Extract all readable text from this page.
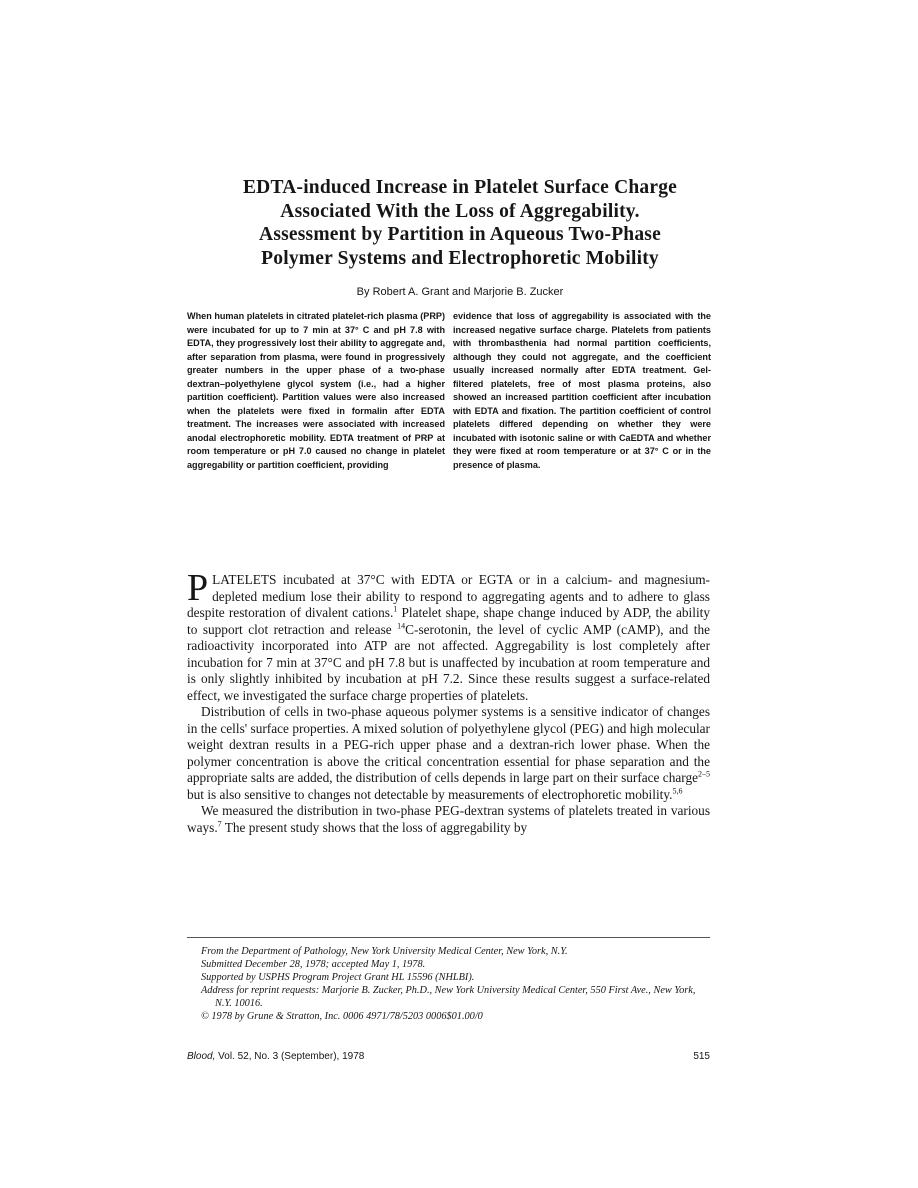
EDTA-induced Increase in Platelet Surface Charge
Associated With the Loss of Aggregability.
Assessment by Partition in Aqueous Two-Phase
Polymer Systems and Electrophoretic Mobility
By Robert A. Grant and Marjorie B. Zucker
When human platelets in citrated platelet-rich plasma (PRP) were incubated for up to 7 min at 37° C and pH 7.8 with EDTA, they progressively lost their ability to aggregate and, after separation from plasma, were found in progressively greater numbers in the upper phase of a two-phase dextran–polyethylene glycol system (i.e., had a higher partition coefficient). Partition values were also increased when the platelets were fixed in formalin after EDTA treatment. The increases were associated with increased anodal electrophoretic mobility. EDTA treatment of PRP at room temperature or pH 7.0 caused no change in platelet aggregability or partition coefficient, providing
evidence that loss of aggregability is associated with the increased negative surface charge. Platelets from patients with thrombasthenia had normal partition coefficients, although they could not aggregate, and the coefficient usually increased normally after EDTA treatment. Gel-filtered platelets, free of most plasma proteins, also showed an increased partition coefficient after incubation with EDTA and fixation. The partition coefficient of control platelets differed depending on whether they were incubated with isotonic saline or with CaEDTA and whether they were fixed at room temperature or at 37° C or in the presence of plasma.

PLATELETS incubated at 37°C with EDTA or EGTA or in a calcium- and magnesium-depleted medium lose their ability to respond to aggregating agents and to adhere to glass despite restoration of divalent cations.$^1$ Platelet shape, shape change induced by ADP, the ability to support clot retraction and release $^{14}$C-serotonin, the level of cyclic AMP (cAMP), and the radioactivity incorporated into ATP are not affected. Aggregability is lost completely after incubation for 7 min at 37°C and pH 7.8 but is unaffected by incubation at room temperature and is only slightly inhibited by incubation at pH 7.2. Since these results suggest a surface-related effect, we investigated the surface charge properties of platelets.

Distribution of cells in two-phase aqueous polymer systems is a sensitive indicator of changes in the cells' surface properties. A mixed solution of polyethylene glycol (PEG) and high molecular weight dextran results in a PEG-rich upper phase and a dextran-rich lower phase. When the polymer concentration is above the critical concentration essential for phase separation and the appropriate salts are added, the distribution of cells depends in large part on their surface charge$^{2-5}$ but is also sensitive to changes not detectable by measurements of electrophoretic mobility.$^{5,6}$

We measured the distribution in two-phase PEG-dextran systems of platelets treated in various ways.$^7$ The present study shows that the loss of aggregability by

From the Department of Pathology, New York University Medical Center, New York, N.Y.
Submitted December 28, 1978; accepted May 1, 1978.
Supported by USPHS Program Project Grant HL 15596 (NHLBI).
Address for reprint requests: Marjorie B. Zucker, Ph.D., New York University Medical Center, 550 First Ave., New York, N.Y. 10016.
© 1978 by Grune & Stratton, Inc. 0006 4971/78/5203 0006$01.00/0
Blood, Vol. 52, No. 3 (September), 1978	515
